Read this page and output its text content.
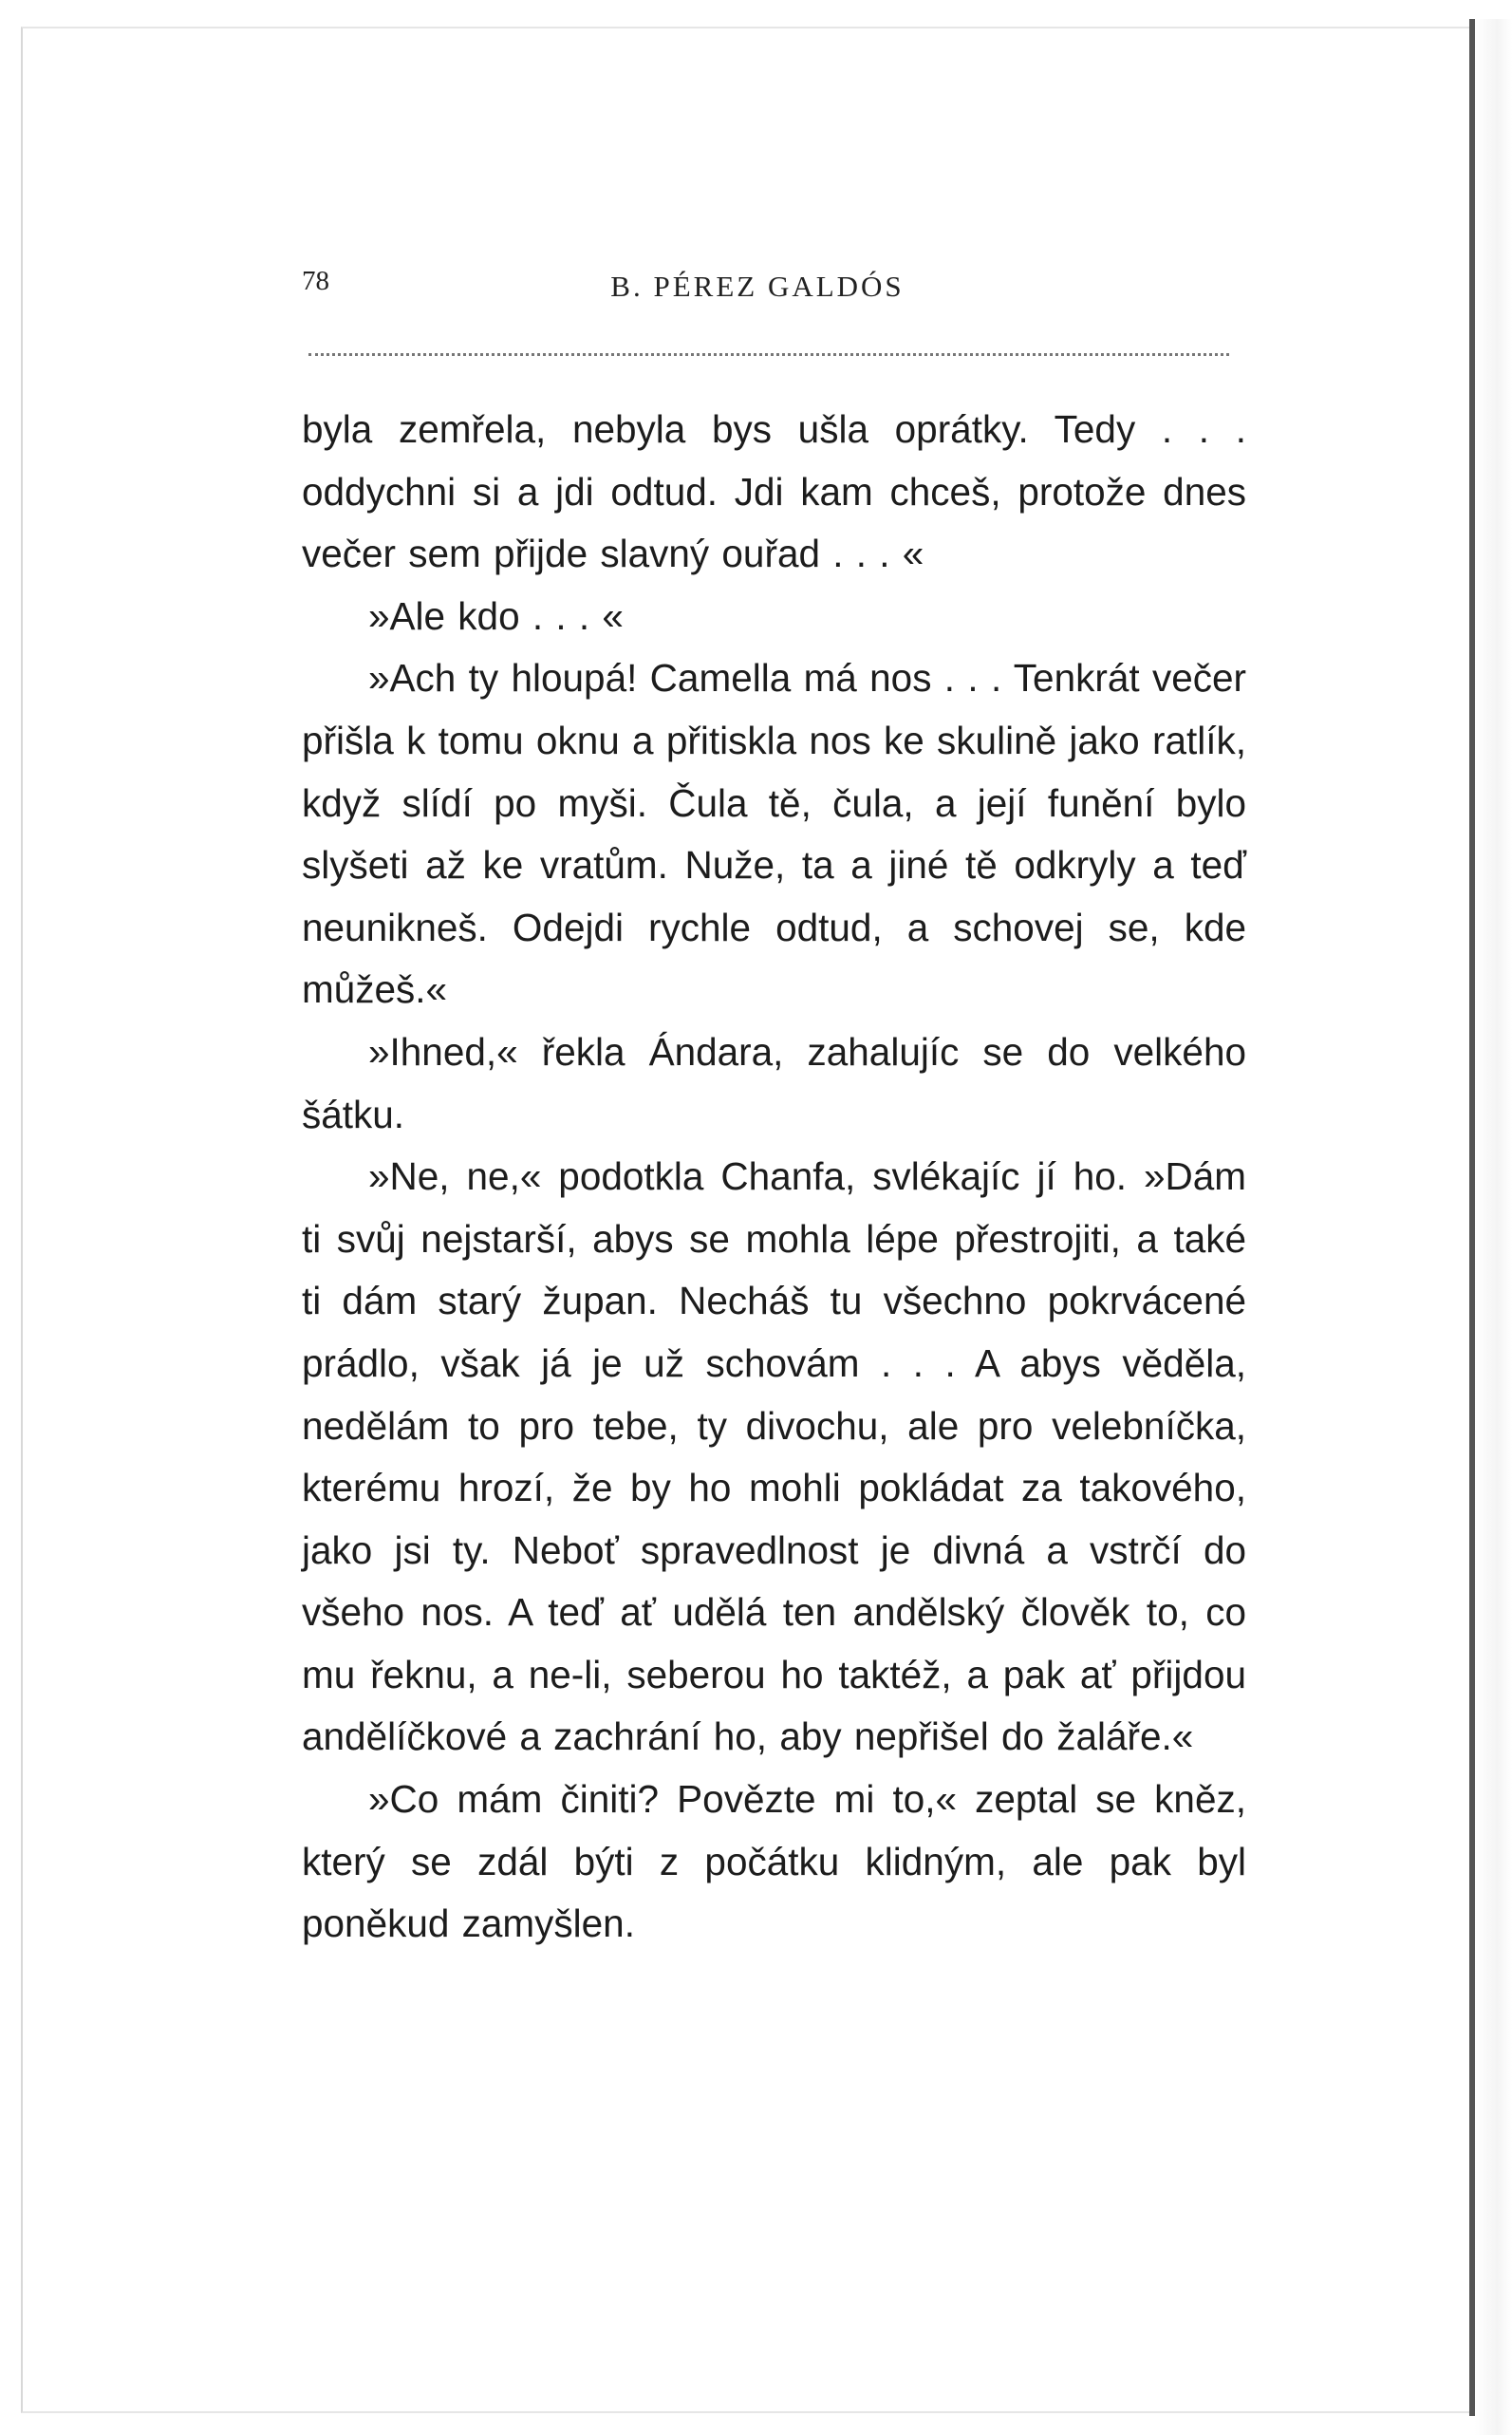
78	B. PÉREZ GALDÓS

byla zemřela, nebyla bys ušla oprátky. Tedy . . . oddychni si a jdi odtud. Jdi kam chceš, protože dnes večer sem přijde slavný ouřad . . . «

»Ale kdo . . . «

»Ach ty hloupá! Camella má nos . . . Tenkrát večer přišla k tomu oknu a přitiskla nos ke skulině jako ratlík, když slídí po myši. Čula tě, čula, a její funění bylo slyšeti až ke vratům. Nuže, ta a jiné tě odkryly a teď neunikneš. Odejdi rychle odtud, a schovej se, kde můžeš.«

»Ihned,« řekla Ándara, zahalujíc se do velkého šátku.

»Ne, ne,« podotkla Chanfa, svlékajíc jí ho. »Dám ti svůj nejstarší, abys se mohla lépe přestrojiti, a také ti dám starý župan. Necháš tu všechno pokrvácené prádlo, však já je už schovám . . . A abys věděla, nedělám to pro tebe, ty divochu, ale pro velebníčka, kterému hrozí, že by ho mohli pokládat za takového, jako jsi ty. Neboť spravedlnost je divná a vstrčí do všeho nos. A teď ať udělá ten andělský člověk to, co mu řeknu, a ne-li, seberou ho taktéž, a pak ať přijdou andělíčkové a zachrání ho, aby nepřišel do žaláře.«

»Co mám činiti? Povězte mi to,« zeptal se kněz, který se zdál býti z počátku klidným, ale pak byl poněkud zamyšlen.
